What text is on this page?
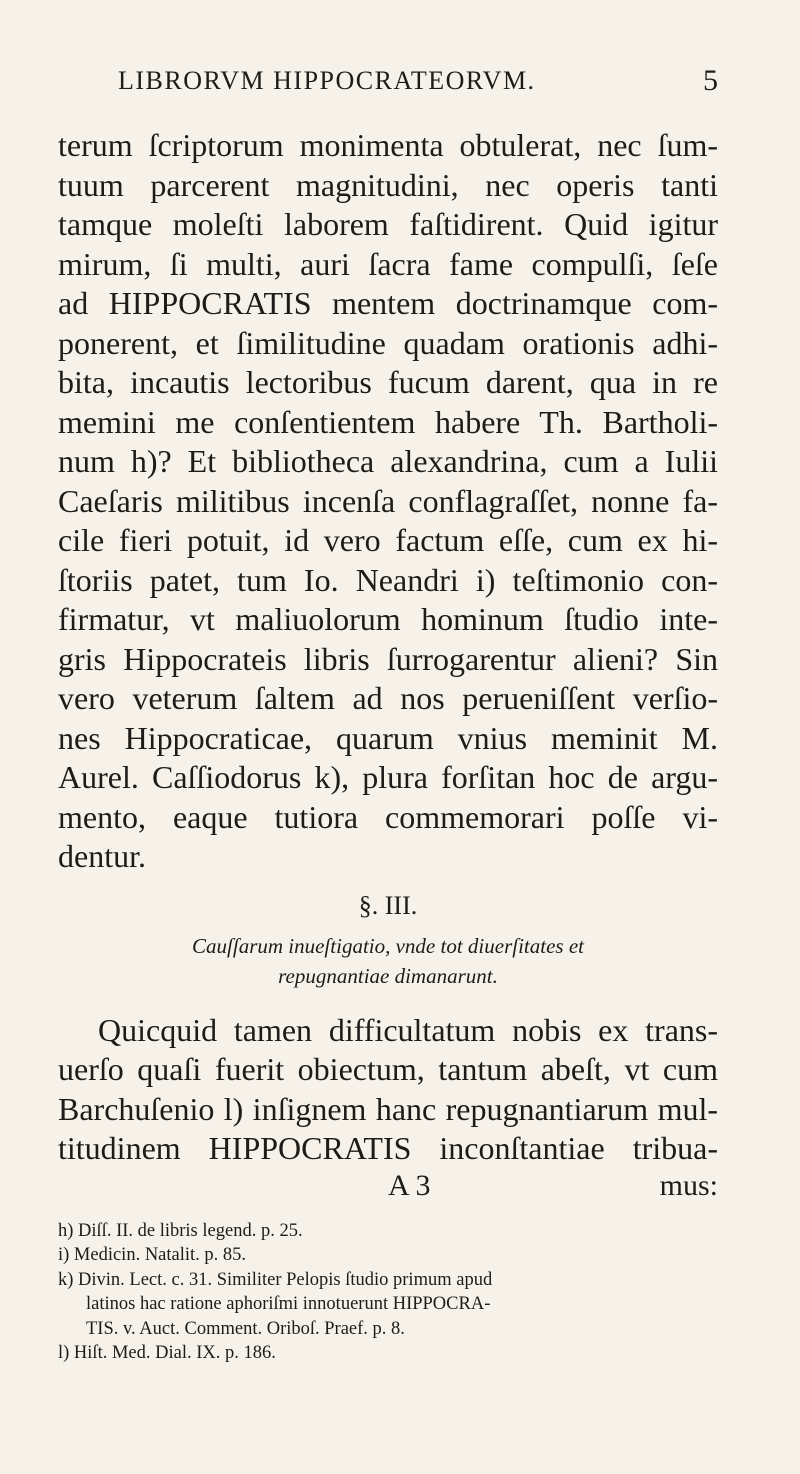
LIBRORVM HIPPOCRATEORVM.	5
terum ſcriptorum monimenta obtulerat, nec ſum-
tuum parcerent magnitudini, nec operis tanti
tamque moleſti laborem faſtidirent. Quid igitur
mirum, ſi multi, auri ſacra fame compulſi, ſeſe
ad HIPPOCRATIS mentem doctrinamque com-
ponerent, et ſimilitudine quadam orationis adhi-
bita, incautis lectoribus fucum darent, qua in re
memini me conſentientem habere Th. Bartholi-
num h)? Et bibliotheca alexandrina, cum a Iulii
Caeſaris militibus incenſa conflagraſſet, nonne fa-
cile fieri potuit, id vero factum eſſe, cum ex hi-
ſtoriis patet, tum Io. Neandri i) teſtimonio con-
firmatur, vt maliuolorum hominum ſtudio inte-
gris Hippocrateis libris ſurrogarentur alieni? Sin
vero veterum ſaltem ad nos perueniſſent verſio-
nes Hippocraticae, quarum vnius meminit M.
Aurel. Caſſiodorus k), plura forſitan hoc de argu-
mento, eaque tutiora commemorari poſſe vi-
dentur.
§. III.
Cauſſarum inueſtigatio, vnde tot diuerſitates et
repugnantiae dimanarunt.
Quicquid tamen difficultatum nobis ex trans-
uerſo quaſi fuerit obiectum, tantum abeſt, vt cum
Barchuſenio l) inſignem hanc repugnantiarum mul-
titudinem HIPPOCRATIS inconſtantiae tribua-
A 3	mus:
h) Diſſ. II. de libris legend. p. 25.
i) Medicin. Natalit. p. 85.
k) Divin. Lect. c. 31. Similiter Pelopis ſtudio primum apud
latinos hac ratione aphoriſmi innotuerunt HIPPOCRA-
TIS. v. Auct. Comment. Oriboſ. Praef. p. 8.
l) Hiſt. Med. Dial. IX. p. 186.
